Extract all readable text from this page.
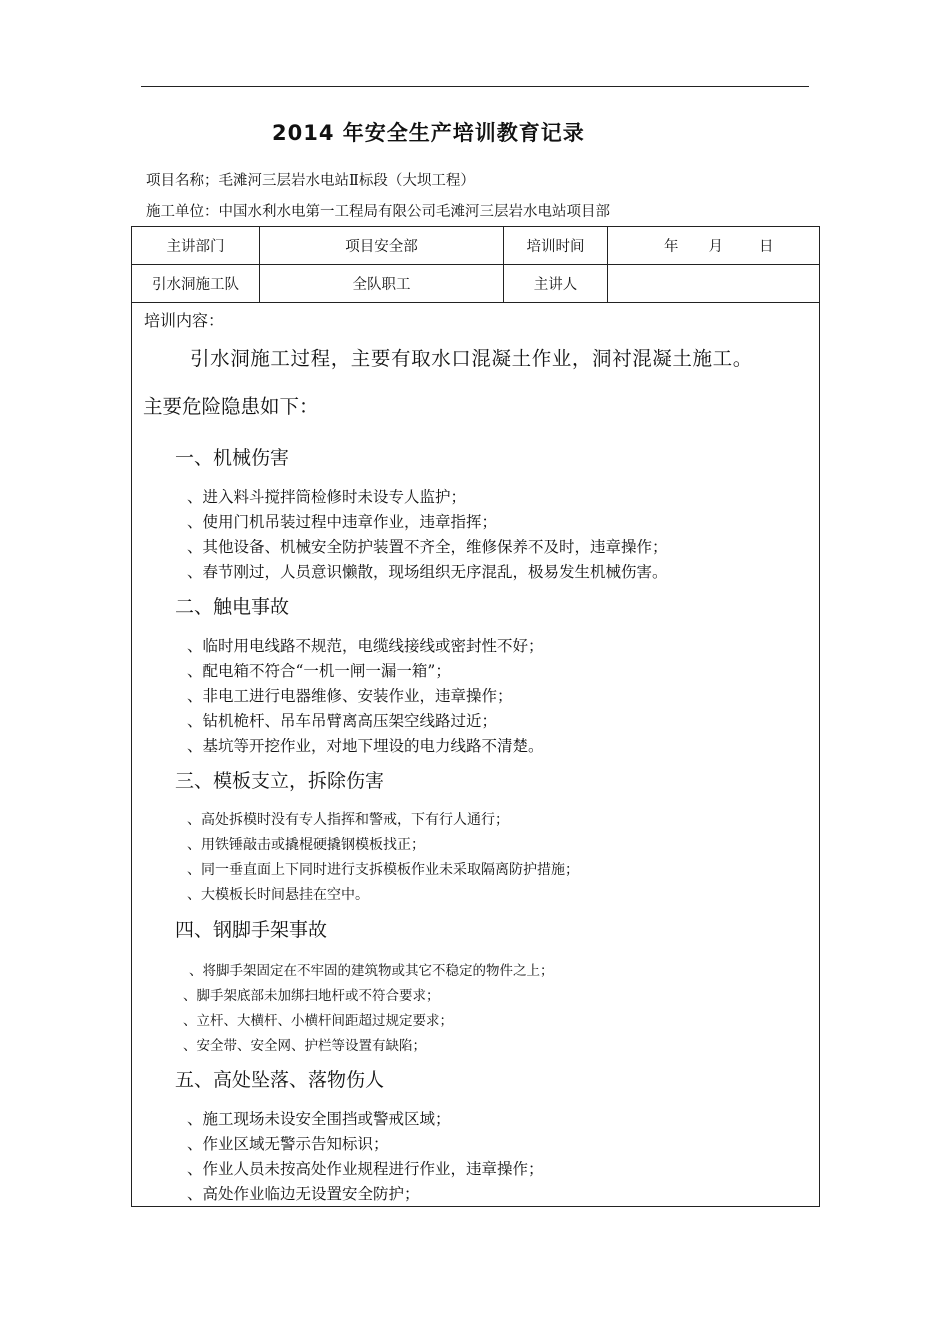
2014 年安全生产培训教育记录
项目名称；毛滩河三层岩水电站Ⅱ标段（大坝工程）
施工单位：中国水利水电第一工程局有限公司毛滩河三层岩水电站项目部
主讲部门	项目安全部	培训时间	年 月 日
引水洞施工队	全队职工	主讲人
培训内容：
引水洞施工过程，主要有取水口混凝土作业，洞衬混凝土施工。
主要危险隐患如下：
一、机械伤害
、进入料斗搅拌筒检修时未设专人监护；
、使用门机吊装过程中违章作业，违章指挥；
、其他设备、机械安全防护装置不齐全，维修保养不及时，违章操作；
、春节刚过，人员意识懒散，现场组织无序混乱，极易发生机械伤害。
二、触电事故
、临时用电线路不规范，电缆线接线或密封性不好；
、配电箱不符合“一机一闸一漏一箱”；
、非电工进行电器维修、安装作业，违章操作；
、钻机桅杆、吊车吊臂离高压架空线路过近；
、基坑等开挖作业，对地下埋设的电力线路不清楚。
三、模板支立，拆除伤害
、高处拆模时没有专人指挥和警戒，下有行人通行；
、用铁锤敲击或撬棍硬撬钢模板找正；
、同一垂直面上下同时进行支拆模板作业未采取隔离防护措施；
、大模板长时间悬挂在空中。
四、钢脚手架事故
、将脚手架固定在不牢固的建筑物或其它不稳定的物件之上；
、脚手架底部未加绑扫地杆或不符合要求；
、立杆、大横杆、小横杆间距超过规定要求；
、安全带、安全网、护栏等设置有缺陷；
五、高处坠落、落物伤人
、施工现场未设安全围挡或警戒区域；
、作业区域无警示告知标识；
、作业人员未按高处作业规程进行作业，违章操作；
、高处作业临边无设置安全防护；
